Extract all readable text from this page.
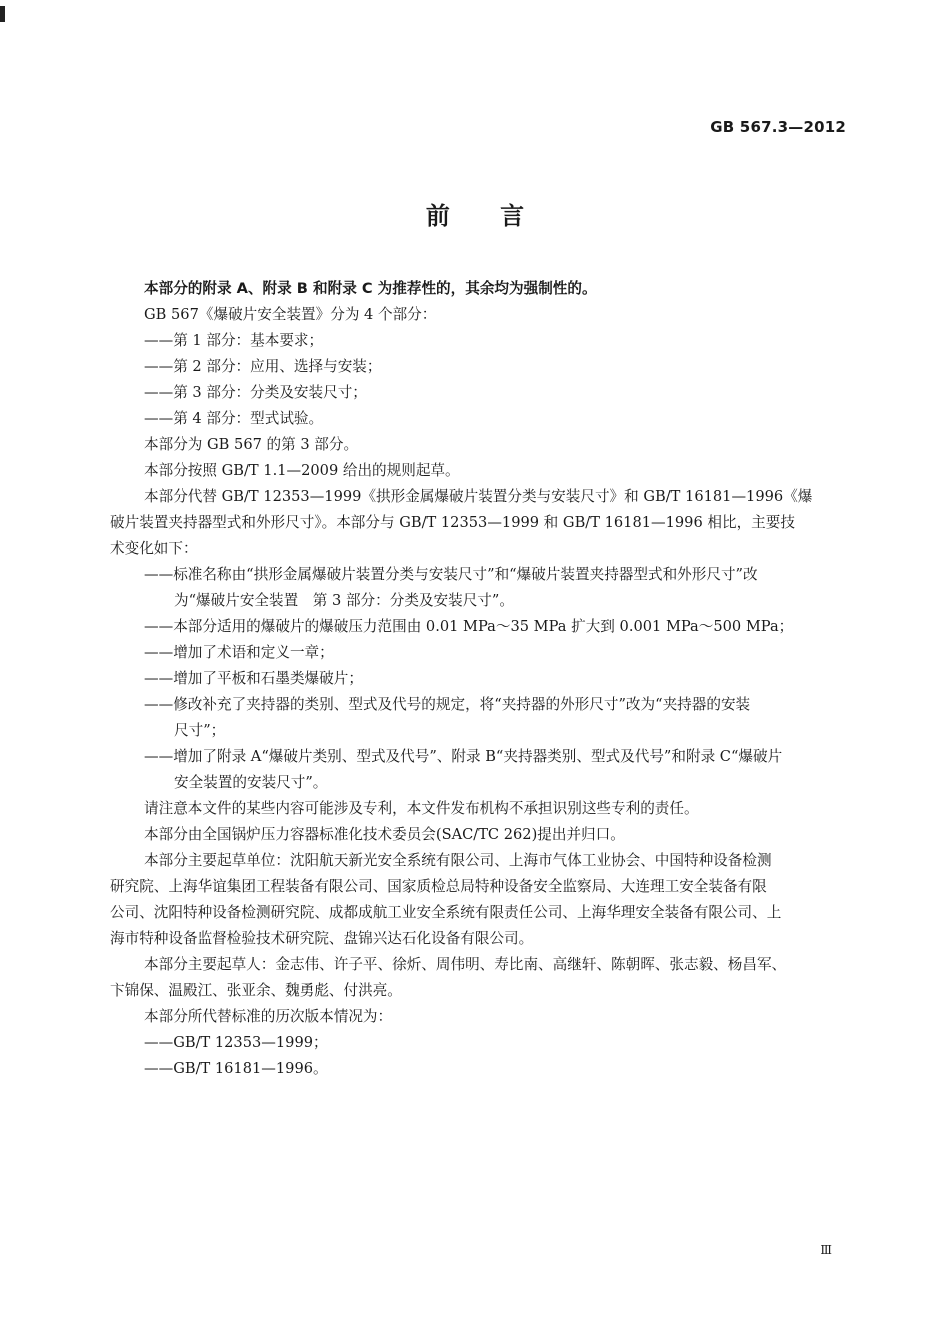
GB 567.3—2012
前 言

本部分的附录 A、附录 B 和附录 C 为推荐性的，其余均为强制性的。

GB 567《爆破片安全装置》分为 4 个部分：

——第 1 部分：基本要求；

——第 2 部分：应用、选择与安装；

——第 3 部分：分类及安装尺寸；

——第 4 部分：型式试验。

本部分为 GB 567 的第 3 部分。

本部分按照 GB/T 1.1—2009 给出的规则起草。

本部分代替 GB/T 12353—1999《拱形金属爆破片装置分类与安装尺寸》和 GB/T 16181—1996《爆

破片装置夹持器型式和外形尺寸》。本部分与 GB/T 12353—1999 和 GB/T 16181—1996 相比，主要技

术变化如下：

——标准名称由“拱形金属爆破片装置分类与安装尺寸”和“爆破片装置夹持器型式和外形尺寸”改
为“爆破片安全装置　第 3 部分：分类及安装尺寸”。

——本部分适用的爆破片的爆破压力范围由 0.01 MPa～35 MPa 扩大到 0.001 MPa～500 MPa；

——增加了术语和定义一章；

——增加了平板和石墨类爆破片；

——修改补充了夹持器的类别、型式及代号的规定，将“夹持器的外形尺寸”改为“夹持器的安装
尺寸”；

——增加了附录 A“爆破片类别、型式及代号”、附录 B“夹持器类别、型式及代号”和附录 C“爆破片
安全装置的安装尺寸”。

请注意本文件的某些内容可能涉及专利，本文件发布机构不承担识别这些专利的责任。

本部分由全国锅炉压力容器标准化技术委员会(SAC/TC 262)提出并归口。

本部分主要起草单位：沈阳航天新光安全系统有限公司、上海市气体工业协会、中国特种设备检测

研究院、上海华谊集团工程装备有限公司、国家质检总局特种设备安全监察局、大连理工安全装备有限

公司、沈阳特种设备检测研究院、成都成航工业安全系统有限责任公司、上海华理安全装备有限公司、上

海市特种设备监督检验技术研究院、盘锦兴达石化设备有限公司。

本部分主要起草人：金志伟、许子平、徐炘、周伟明、寿比南、高继轩、陈朝晖、张志毅、杨昌军、

卞锦保、温殿江、张亚余、魏勇彪、付洪亮。

本部分所代替标准的历次版本情况为：

——GB/T 12353—1999；

——GB/T 16181—1996。

Ⅲ
